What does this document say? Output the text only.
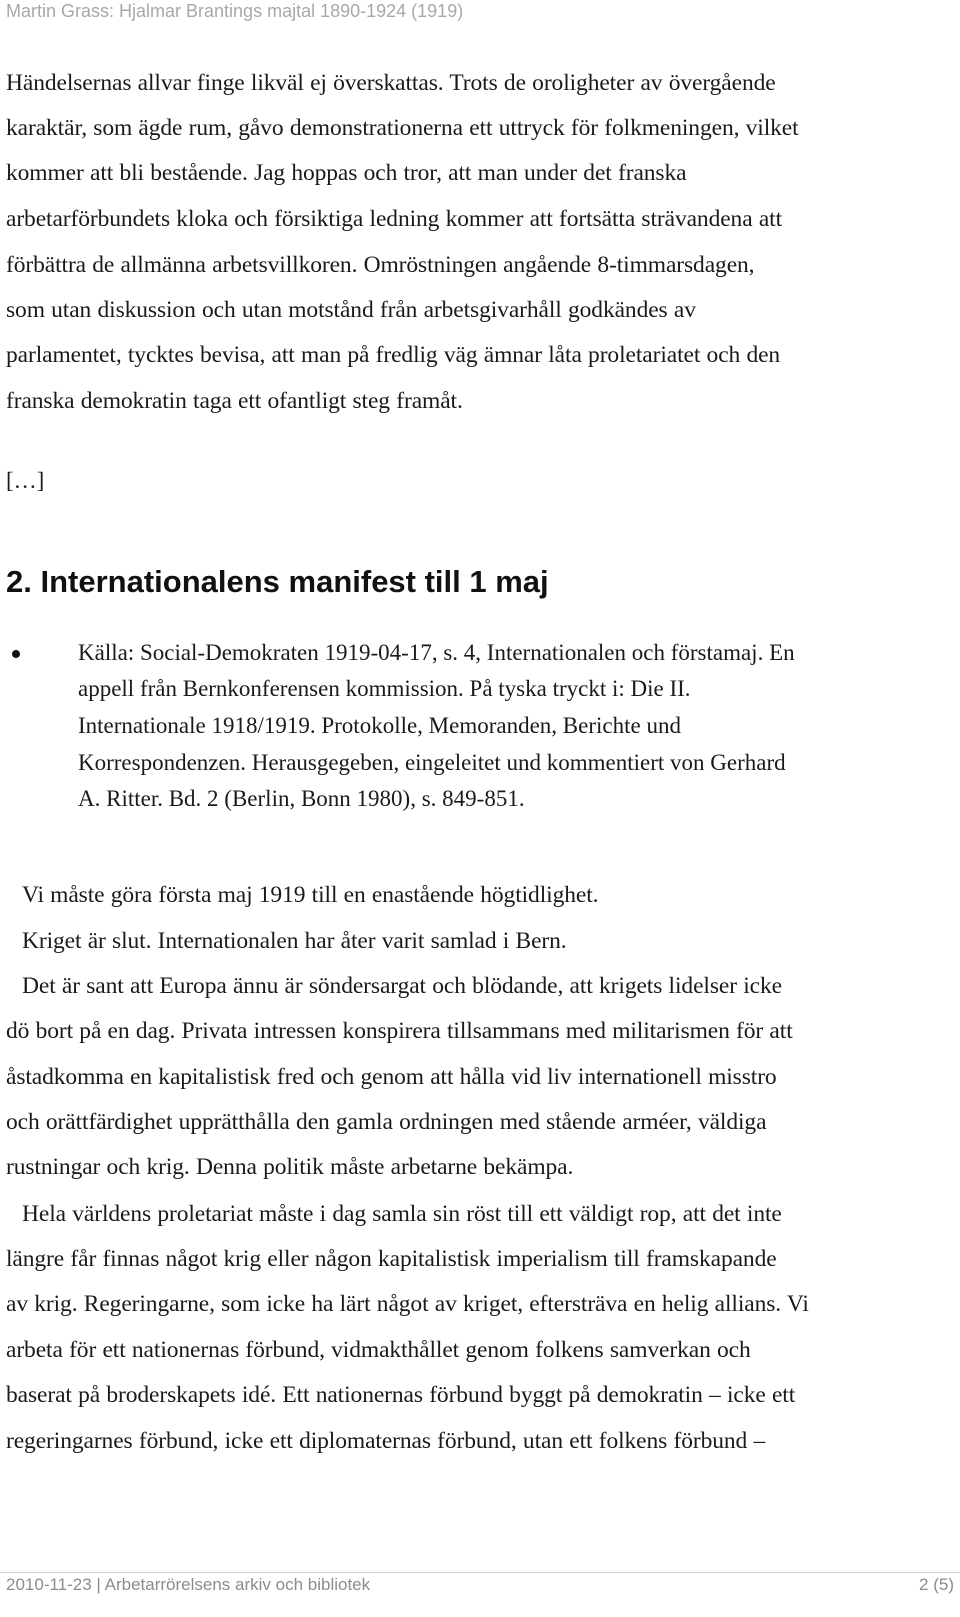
Martin Grass: Hjalmar Brantings majtal 1890-1924 (1919)
Händelsernas allvar finge likväl ej överskattas. Trots de oroligheter av övergående
karaktär, som ägde rum, gåvo demonstrationerna ett uttryck för folkmeningen, vilket
kommer att bli bestående. Jag hoppas och tror, att man under det franska
arbetarförbundets kloka och försiktiga ledning kommer att fortsätta strävandena att
förbättra de allmänna arbetsvillkoren. Omröstningen angående 8-timmarsdagen,
som utan diskussion och utan motstånd från arbetsgivarhåll godkändes av
parlamentet, tycktes bevisa, att man på fredlig väg ämnar låta proletariatet och den
franska demokratin taga ett ofantligt steg framåt.
[…]
2. Internationalens manifest till 1 maj
Källa: Social-Demokraten 1919-04-17, s. 4, Internationalen och förstamaj. En
appell från Bernkonferensen kommission. På tyska tryckt i: Die II.
Internationale 1918/1919. Protokolle, Memoranden, Berichte und
Korrespondenzen. Herausgegeben, eingeleitet und kommentiert von Gerhard
A. Ritter. Bd. 2 (Berlin, Bonn 1980), s. 849-851.
Vi måste göra första maj 1919 till en enastående högtidlighet.
Kriget är slut. Internationalen har åter varit samlad i Bern.
Det är sant att Europa ännu är söndersargat och blödande, att krigets lidelser icke
dö bort på en dag. Privata intressen konspirera tillsammans med militarismen för att
åstadkomma en kapitalistisk fred och genom att hålla vid liv internationell misstro
och orättfärdighet upprätthålla den gamla ordningen med stående arméer, väldiga
rustningar och krig. Denna politik måste arbetarne bekämpa.
Hela världens proletariat måste i dag samla sin röst till ett väldigt rop, att det inte
längre får finnas något krig eller någon kapitalistisk imperialism till framskapande
av krig. Regeringarne, som icke ha lärt något av kriget, eftersträva en helig allians. Vi
arbeta för ett nationernas förbund, vidmakthållet genom folkens samverkan och
baserat på broderskapets idé. Ett nationernas förbund byggt på demokratin – icke ett
regeringarnes förbund, icke ett diplomaternas förbund, utan ett folkens förbund –
2010-11-23 | Arbetarrörelsens arkiv och bibliotek	2 (5)
